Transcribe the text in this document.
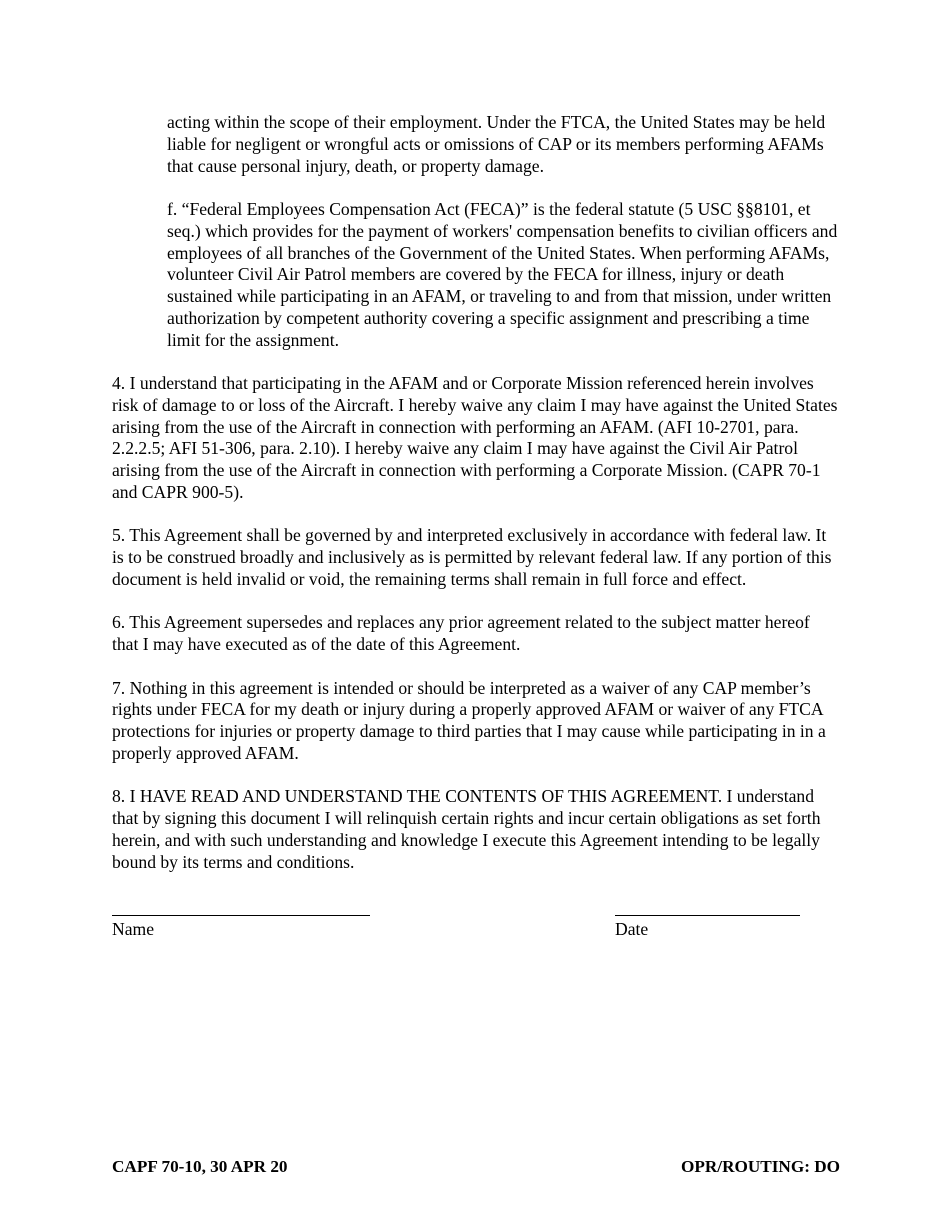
acting within the scope of their employment. Under the FTCA, the United States may be held liable for negligent or wrongful acts or omissions of CAP or its members performing AFAMs that cause personal injury, death, or property damage.

f. “Federal Employees Compensation Act (FECA)” is the federal statute (5 USC §§8101, et seq.) which provides for the payment of workers' compensation benefits to civilian officers and employees of all branches of the Government of the United States. When performing AFAMs, volunteer Civil Air Patrol members are covered by the FECA for illness, injury or death sustained while participating in an AFAM, or traveling to and from that mission, under written authorization by competent authority covering a specific assignment and prescribing a time limit for the assignment.

4. I understand that participating in the AFAM and or Corporate Mission referenced herein involves risk of damage to or loss of the Aircraft. I hereby waive any claim I may have against the United States arising from the use of the Aircraft in connection with performing an AFAM. (AFI 10-2701, para. 2.2.2.5; AFI 51-306, para. 2.10). I hereby waive any claim I may have against the Civil Air Patrol arising from the use of the Aircraft in connection with performing a Corporate Mission. (CAPR 70-1 and CAPR 900-5).

5. This Agreement shall be governed by and interpreted exclusively in accordance with federal law. It is to be construed broadly and inclusively as is permitted by relevant federal law. If any portion of this document is held invalid or void, the remaining terms shall remain in full force and effect.

6. This Agreement supersedes and replaces any prior agreement related to the subject matter hereof that I may have executed as of the date of this Agreement.

7. Nothing in this agreement is intended or should be interpreted as a waiver of any CAP member’s rights under FECA for my death or injury during a properly approved AFAM or waiver of any FTCA protections for injuries or property damage to third parties that I may cause while participating in in a properly approved AFAM.

8. I HAVE READ AND UNDERSTAND THE CONTENTS OF THIS AGREEMENT. I understand that by signing this document I will relinquish certain rights and incur certain obligations as set forth herein, and with such understanding and knowledge I execute this Agreement intending to be legally bound by its terms and conditions.

Name	Date
CAPF 70-10, 30 APR 20	OPR/ROUTING: DO
